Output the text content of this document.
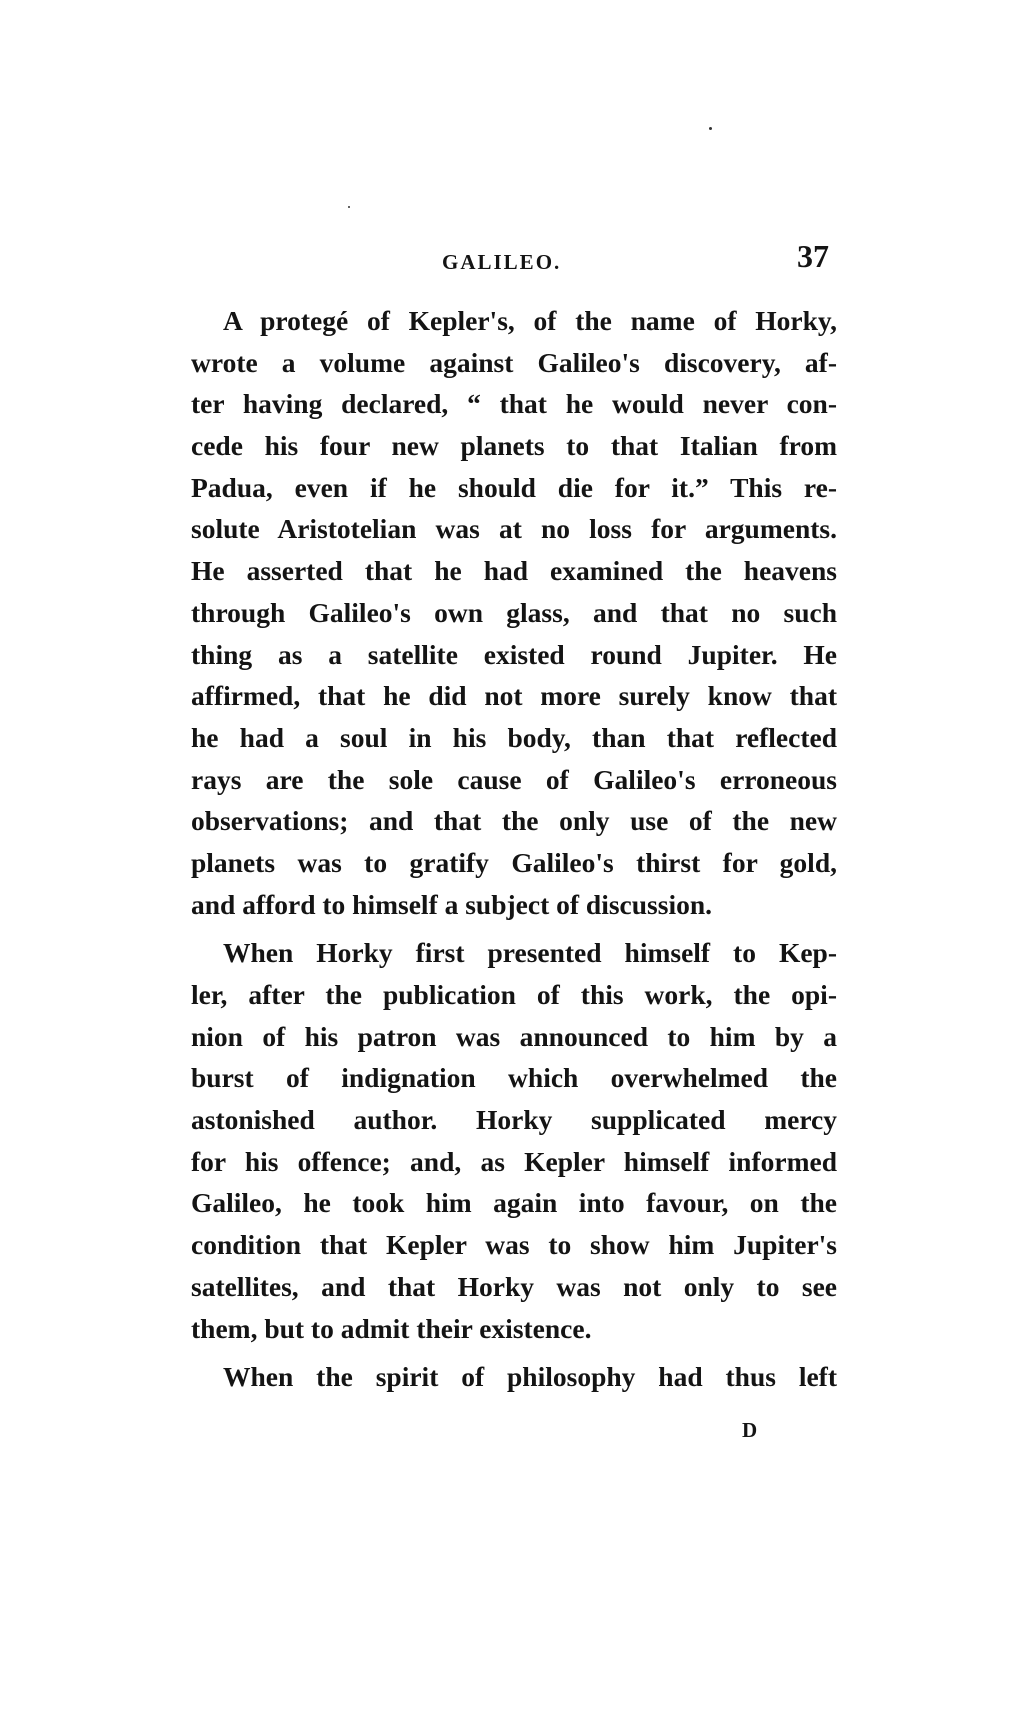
GALILEO.	37
A protegé of Kepler's, of the name of Horky,
wrote a volume against Galileo's discovery, af-
ter having declared, “ that he would never con-
cede his four new planets to that Italian from
Padua, even if he should die for it.” This re-
solute Aristotelian was at no loss for arguments.
He asserted that he had examined the heavens
through Galileo's own glass, and that no such
thing as a satellite existed round Jupiter. He
affirmed, that he did not more surely know that
he had a soul in his body, than that reflected
rays are the sole cause of Galileo's erroneous
observations; and that the only use of the new
planets was to gratify Galileo's thirst for gold,
and afford to himself a subject of discussion.
When Horky first presented himself to Kep-
ler, after the publication of this work, the opi-
nion of his patron was announced to him by a
burst of indignation which overwhelmed the
astonished author. Horky supplicated mercy
for his offence; and, as Kepler himself informed
Galileo, he took him again into favour, on the
condition that Kepler was to show him Jupiter's
satellites, and that Horky was not only to see
them, but to admit their existence.
When the spirit of philosophy had thus left
D
